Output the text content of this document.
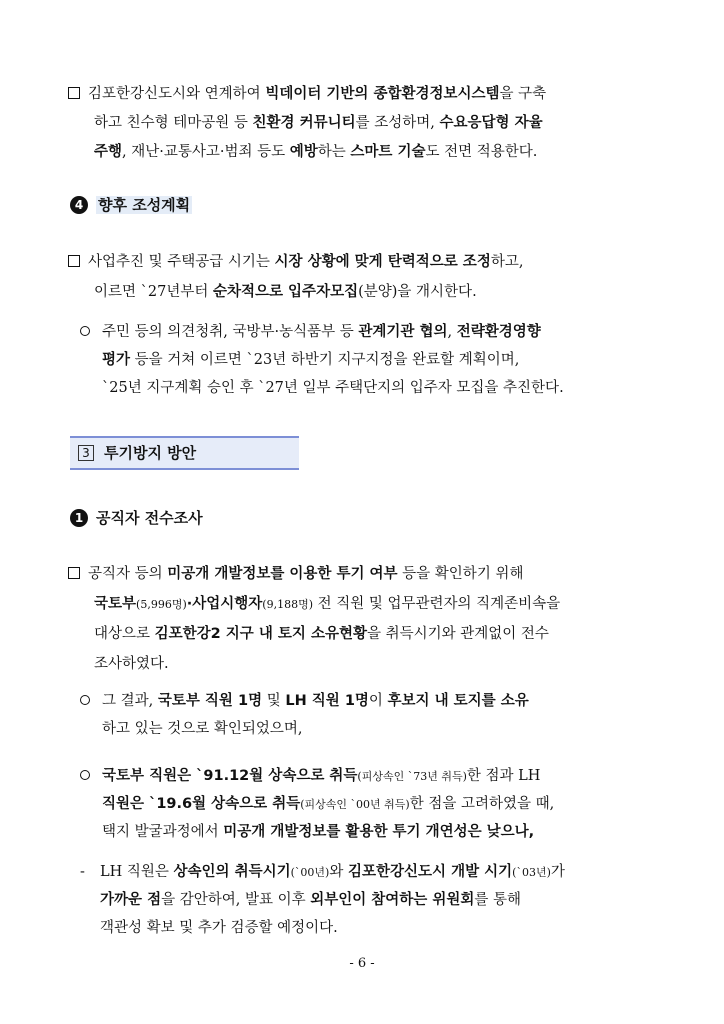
김포한강신도시와 연계하여 빅데이터 기반의 종합환경정보시스템을 구축
하고 친수형 테마공원 등 친환경 커뮤니티를 조성하며, 수요응답형 자율
주행, 재난·교통사고·범죄 등도 예방하는 스마트 기술도 전면 적용한다.
4 향후 조성계획
사업추진 및 주택공급 시기는 시장 상황에 맞게 탄력적으로 조정하고,
이르면 `27년부터 순차적으로 입주자모집(분양)을 개시한다.
주민 등의 의견청취, 국방부·농식품부 등 관계기관 협의, 전략환경영향
평가 등을 거쳐 이르면 `23년 하반기 지구지정을 완료할 계획이며,
`25년 지구계획 승인 후 `27년 일부 주택단지의 입주자 모집을 추진한다.
3 투기방지 방안
1 공직자 전수조사
공직자 등의 미공개 개발정보를 이용한 투기 여부 등을 확인하기 위해
국토부(5,996명)·사업시행자(9,188명) 전 직원 및 업무관련자의 직계존비속을
대상으로 김포한강2 지구 내 토지 소유현황을 취득시기와 관계없이 전수
조사하였다.
그 결과, 국토부 직원 1명 및 LH 직원 1명이 후보지 내 토지를 소유
하고 있는 것으로 확인되었으며,
국토부 직원은 `91.12월 상속으로 취득(피상속인 `73년 취득)한 점과 LH
직원은 `19.6월 상속으로 취득(피상속인 `00년 취득)한 점을 고려하였을 때,
택지 발굴과정에서 미공개 개발정보를 활용한 투기 개연성은 낮으나,
- LH 직원은 상속인의 취득시기(`00년)와 김포한강신도시 개발 시기(`03년)가
가까운 점을 감안하여, 발표 이후 외부인이 참여하는 위원회를 통해
객관성 확보 및 추가 검증할 예정이다.
- 6 -
